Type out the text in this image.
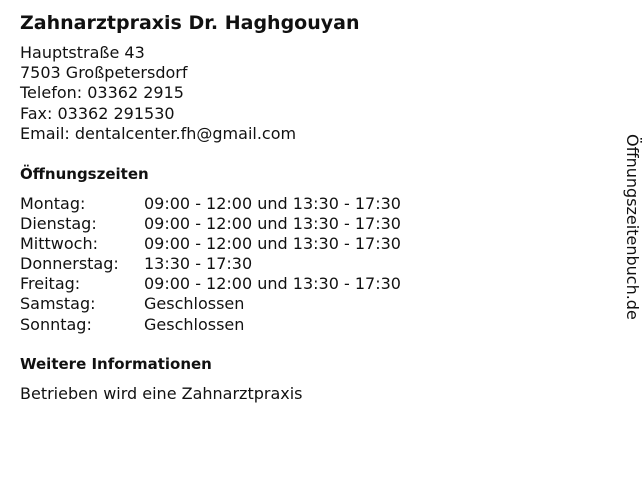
Zahnarztpraxis Dr. Haghgouyan
Hauptstraße 43
7503 Großpetersdorf
Telefon: 03362 2915
Fax: 03362 291530
Email: dentalcenter.fh@gmail.com
Öffnungszeiten
Montag:	09:00 - 12:00 und 13:30 - 17:30
Dienstag:	09:00 - 12:00 und 13:30 - 17:30
Mittwoch:	09:00 - 12:00 und 13:30 - 17:30
Donnerstag: 13:30 - 17:30
Freitag:	09:00 - 12:00 und 13:30 - 17:30
Samstag:	Geschlossen
Sonntag:	Geschlossen
Weitere Informationen
Betrieben wird eine Zahnarztpraxis
Öffnungszeitenbuch.de
